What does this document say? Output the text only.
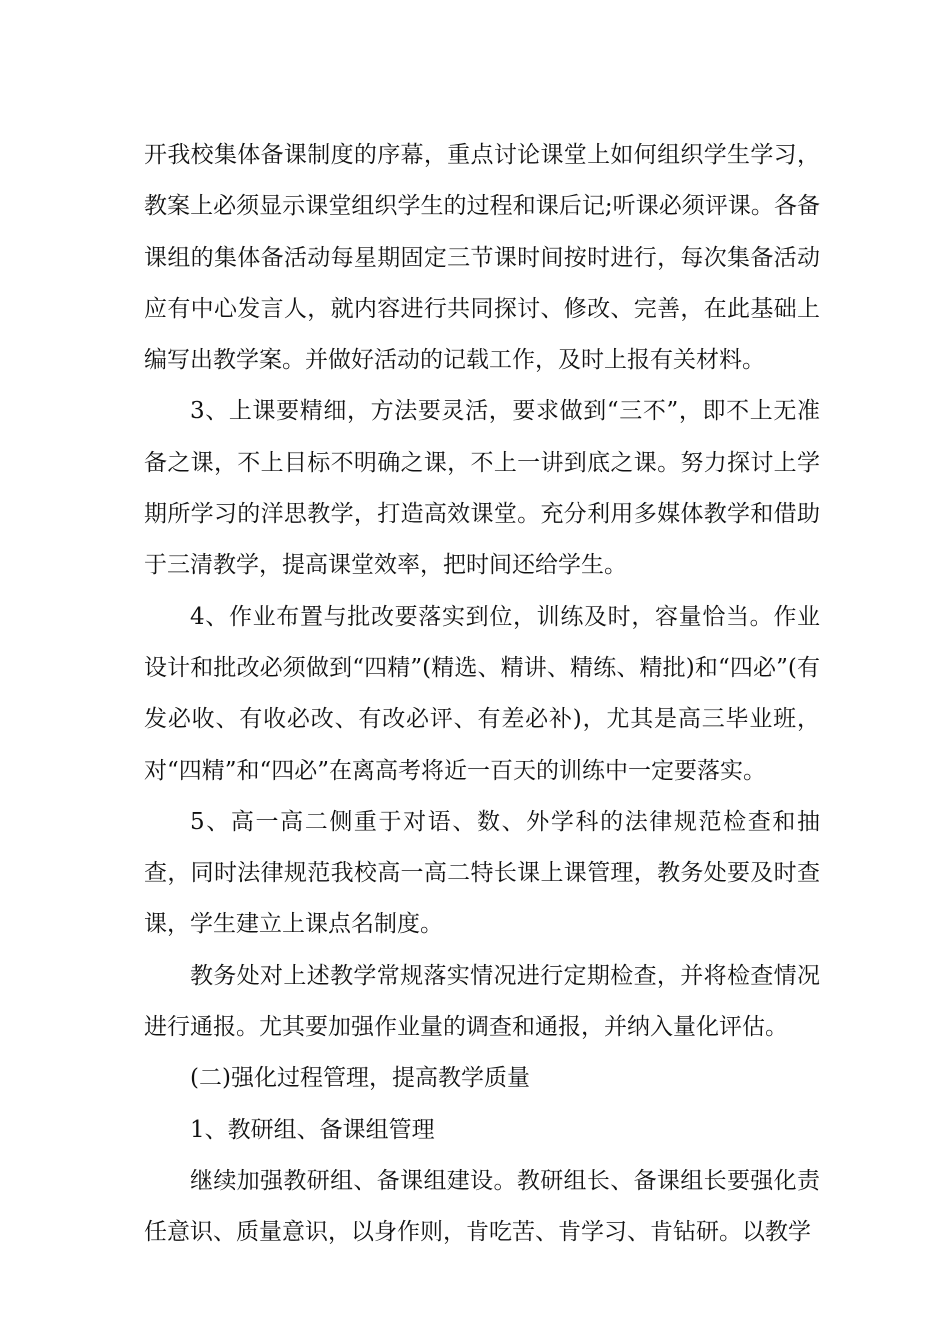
开我校集体备课制度的序幕，重点讨论课堂上如何组织学生学习，教案上必须显示课堂组织学生的过程和课后记;听课必须评课。各备课组的集体备活动每星期固定三节课时间按时进行，每次集备活动应有中心发言人，就内容进行共同探讨、修改、完善，在此基础上编写出教学案。并做好活动的记载工作，及时上报有关材料。

3、上课要精细，方法要灵活，要求做到“三不”，即不上无准备之课，不上目标不明确之课，不上一讲到底之课。努力探讨上学期所学习的洋思教学，打造高效课堂。充分利用多媒体教学和借助于三清教学，提高课堂效率，把时间还给学生。

4、作业布置与批改要落实到位，训练及时，容量恰当。作业设计和批改必须做到“四精”(精选、精讲、精练、精批)和“四必”(有发必收、有收必改、有改必评、有差必补)，尤其是高三毕业班，对“四精”和“四必”在离高考将近一百天的训练中一定要落实。

5、高一高二侧重于对语、数、外学科的法律规范检查和抽查，同时法律规范我校高一高二特长课上课管理，教务处要及时查课，学生建立上课点名制度。

教务处对上述教学常规落实情况进行定期检查，并将检查情况进行通报。尤其要加强作业量的调查和通报，并纳入量化评估。

(二)强化过程管理，提高教学质量

1、教研组、备课组管理

继续加强教研组、备课组建设。教研组长、备课组长要强化责任意识、质量意识，以身作则，肯吃苦、肯学习、肯钻研。以教学
